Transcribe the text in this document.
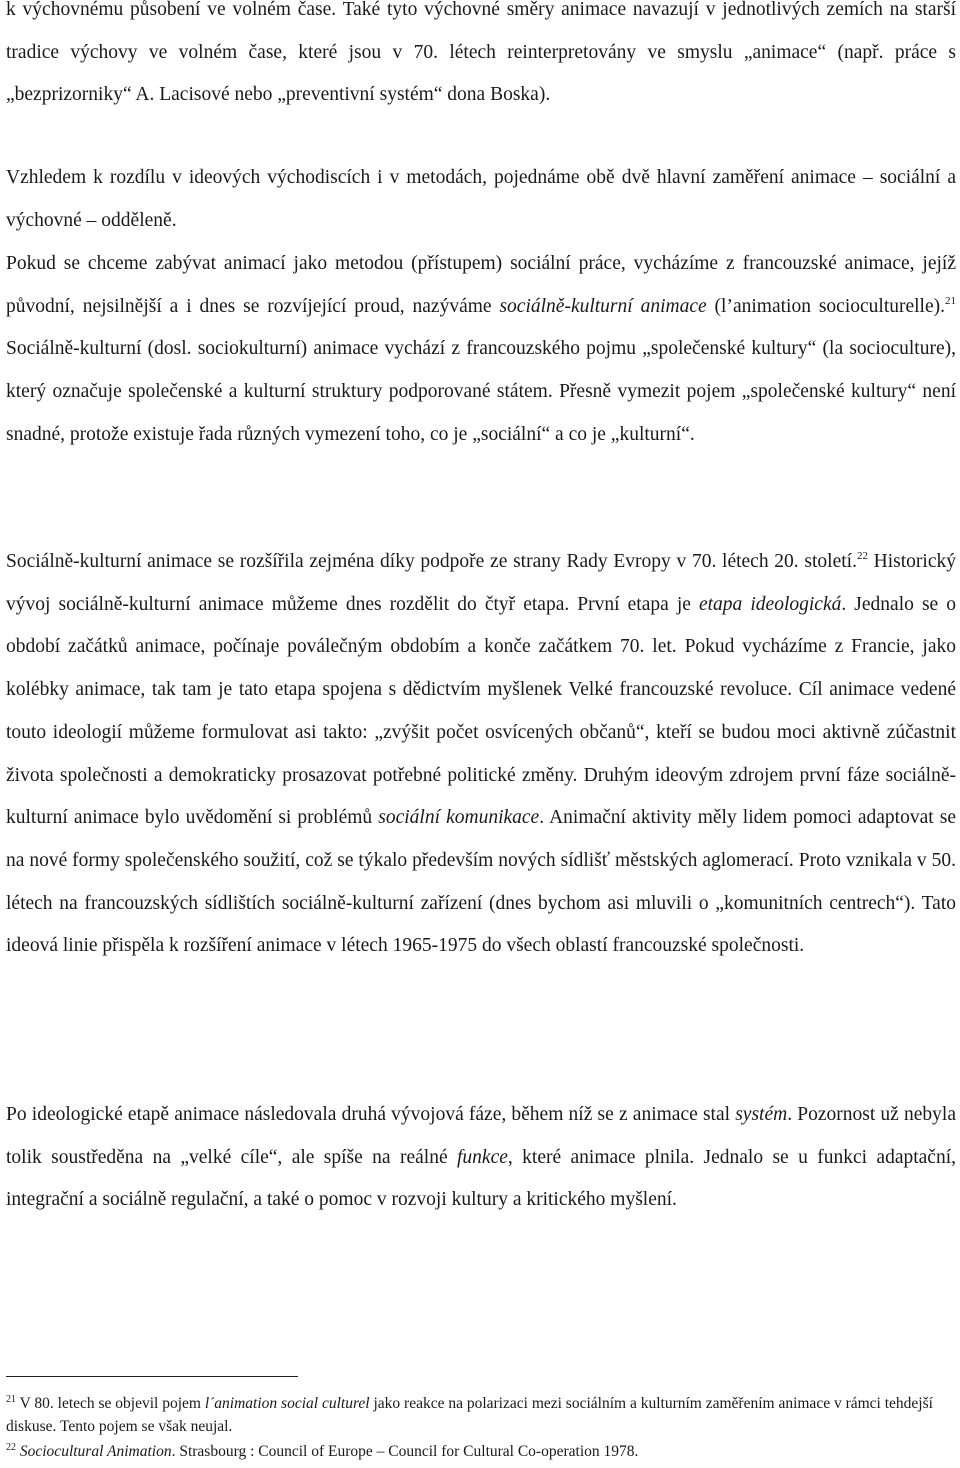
k výchovnému působení ve volném čase. Také tyto výchovné směry animace navazují v jednotlivých zemích na starší tradice výchovy ve volném čase, které jsou v 70. létech reinterpretovány ve smyslu „animace“ (např. práce s „bezprizorniky“ A. Lacisové nebo „preventivní systém“ dona Boska).

Vzhledem k rozdílu v ideových východiscích i v metodách, pojednáme obě dvě hlavní zaměření animace – sociální a výchovné – odděleně.

Pokud se chceme zabývat animací jako metodou (přístupem) sociální práce, vycházíme z francouzské animace, jejíž původní, nejsilnější a i dnes se rozvíjející proud, nazýváme sociálně-kulturní animace (l’animation socioculturelle).$^{21}$ Sociálně-kulturní (dosl. sociokulturní) animace vychází z francouzského pojmu „společenské kultury“ (la socioculture), který označuje společenské a kulturní struktury podporované státem. Přesně vymezit pojem „společenské kultury“ není snadné, protože existuje řada různých vymezení toho, co je „sociální“ a co je „kulturní“.

Sociálně-kulturní animace se rozšířila zejména díky podpoře ze strany Rady Evropy v 70. létech 20. století.$^{22}$ Historický vývoj sociálně-kulturní animace můžeme dnes rozdělit do čtyř etapa. První etapa je etapa ideologická. Jednalo se o období začátků animace, počínaje poválečným obdobím a konče začátkem 70. let. Pokud vycházíme z Francie, jako kolébky animace, tak tam je tato etapa spojena s dědictvím myšlenek Velké francouzské revoluce. Cíl animace vedené touto ideologií můžeme formulovat asi takto: „zvýšit počet osvícených občanů“, kteří se budou moci aktivně zúčastnit života společnosti a demokraticky prosazovat potřebné politické změny. Druhým ideovým zdrojem první fáze sociálně-kulturní animace bylo uvědomění si problémů sociální komunikace. Animační aktivity měly lidem pomoci adaptovat se na nové formy společenského soužití, což se týkalo především nových sídlišť městských aglomerací. Proto vznikala v 50. létech na francouzských sídlištích sociálně-kulturní zařízení (dnes bychom asi mluvili o „komunitních centrech“). Tato ideová linie přispěla k rozšíření animace v létech 1965-1975 do všech oblastí francouzské společnosti.

Po ideologické etapě animace následovala druhá vývojová fáze, během níž se z animace stal systém. Pozornost už nebyla tolik soustředěna na „velké cíle“, ale spíše na reálné funkce, které animace plnila. Jednalo se u funkci adaptační, integrační a sociálně regulační, a také o pomoc v rozvoji kultury a kritického myšlení.

$^{21}$ V 80. letech se objevil pojem l´animation social culturel jako reakce na polarizaci mezi sociálním a kulturním zaměřením animace v rámci tehdejší diskuse. Tento pojem se však neujal.

$^{22}$ Sociocultural Animation. Strasbourg : Council of Europe – Council for Cultural Co-operation 1978.
